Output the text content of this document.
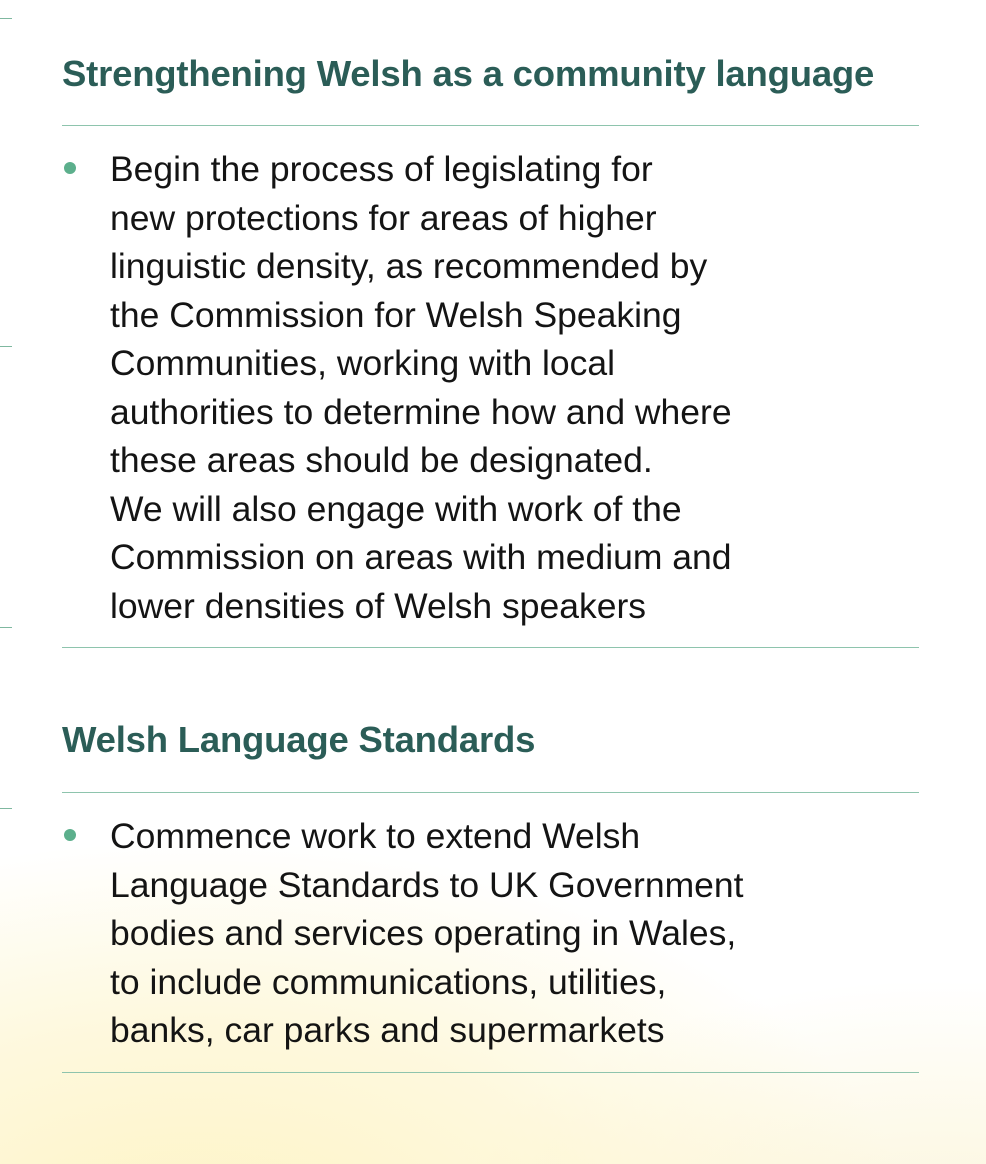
Strengthening Welsh as a community language
Begin the process of legislating for
new protections for areas of higher
linguistic density, as recommended by
the Commission for Welsh Speaking
Communities, working with local
authorities to determine how and where
these areas should be designated.
We will also engage with work of the
Commission on areas with medium and
lower densities of Welsh speakers
Welsh Language Standards
Commence work to extend Welsh
Language Standards to UK Government
bodies and services operating in Wales,
to include communications, utilities,
banks, car parks and supermarkets
